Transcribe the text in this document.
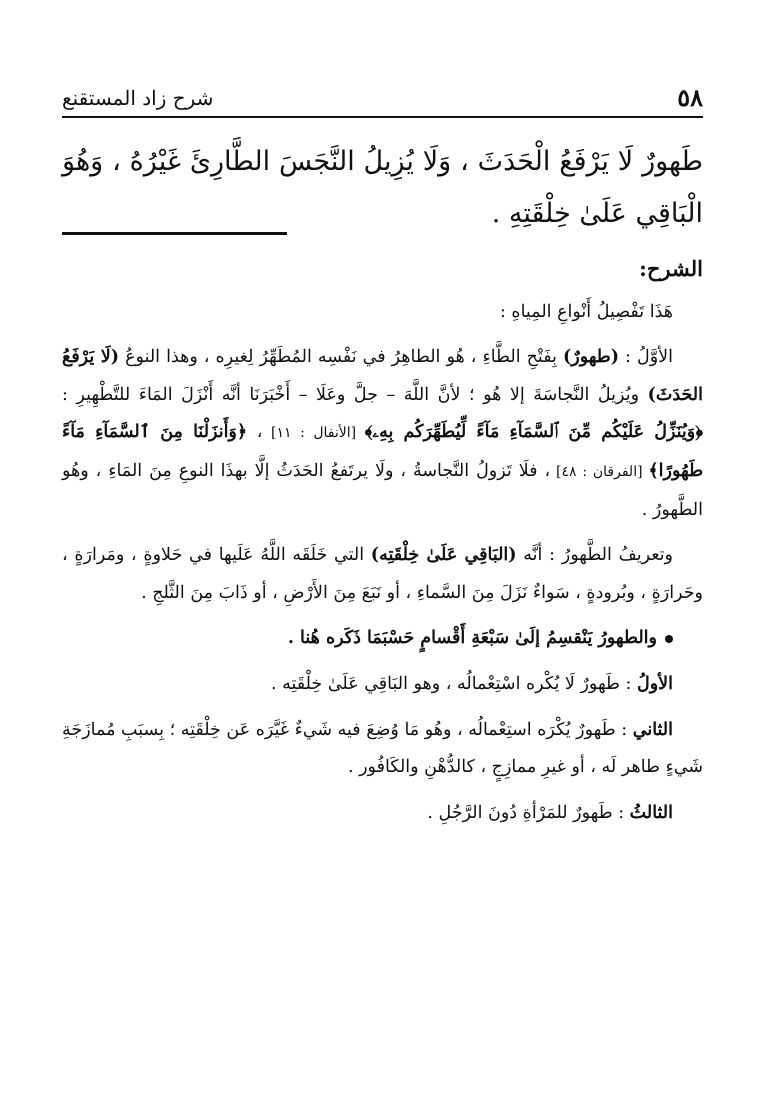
٥٨
شرح زاد المستقنع
طَهورٌ لَا يَرْفَعُ الْحَدَثَ ، وَلَا يُزِيلُ النَّجَسَ الطَّارِئَ غَيْرُهُ ، وَهُوَ الْبَاقِي عَلَىٰ خِلْقَتِهِ .

الشرح:

هَذَا تَفْصِيلُ أَنْواعِ المِياهِ :

الأوَّلُ : (طهورٌ) بِفَتْحِ الطَّاءِ ، هُو الطاهِرُ في نَفْسِه المُطَهِّرُ لِغيرِه ، وهذا النوعُ (لَا يَرْفَعُ الحَدَثَ) ويُزيلُ النَّجاسَةَ إلا هُو ؛ لأنَّ اللَّهَ – جلَّ وعَلَا – أَخْبَرَنَا أنَّه أَنْزَلَ المَاءَ للتَّطْهِيرِ : ﴿وَيُنَزِّلُ عَلَيْكُم مِّنَ ٱلسَّمَآءِ مَآءً لِّيُطَهِّرَكُم بِهِۦ﴾ [الأنفال : ١١] ، ﴿وَأَنزَلْنَا مِنَ ٱلسَّمَآءِ مَآءً طَهُورًا﴾ [الفرقان : ٤٨] ، فلَا تَزولُ النَّجاسةُ ، ولَا يرتَفعُ الحَدَثُ إلَّا بهذَا النوعِ مِنَ المَاءِ ، وهُو الطَّهورُ .

وتعريفُ الطَّهورُ : أنَّه (البَاقِي عَلَىٰ خِلْقَتِه) التي خَلَقَه اللَّهُ عَلَيها في حَلاوةٍ ، ومَرارَةٍ ، وحَرارَةٍ ، وبُرودةٍ ، سَواءٌ نَزَلَ مِنَ السَّماءِ ، أو نَبَعَ مِنَ الأَرْضِ ، أو ذَابَ مِنَ الثَّلجِ .

والطهورُ يَنْقسِمُ إلَىٰ سَبْعَةِ أَقْسامٍ حَسْبَمَا ذَكَره هُنا .

الأولُ : طَهورٌ لَا يُكْره اسْتِعْمالُه ، وهو البَاقِي عَلَىٰ خِلْقَتِه .

الثاني : طَهورٌ يُكْرَه استِعْمالُه ، وهُو مَا وُضِعَ فيه شَيءٌ غَيَّرَه عَن خِلْقَتِه ؛ بِسبَبِ مُمازَجَةِ شَيءٍ طاهر لَه ، أو غيرِ ممازِجٍ ، كالدُّهْنِ والكَافُور .

الثالثُ : طَهورٌ للمَرْأةِ دُونَ الرَّجُلِ .
